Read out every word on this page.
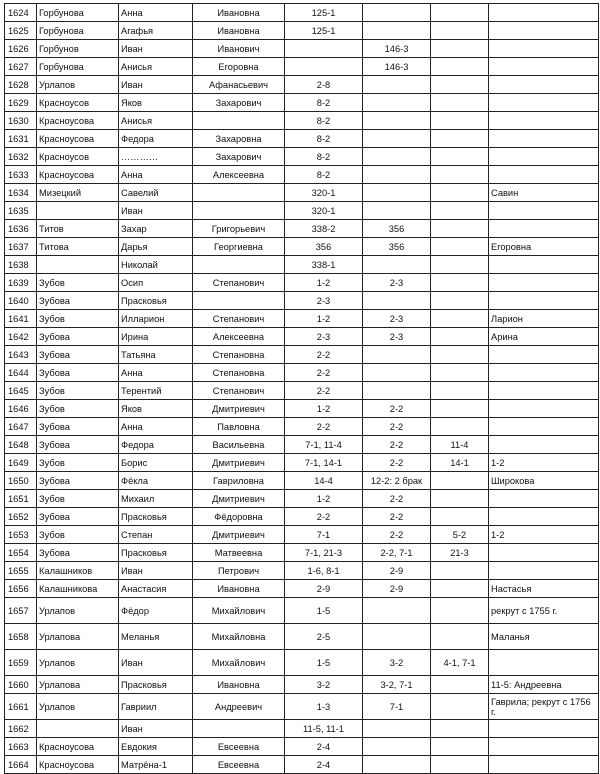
1624	Горбунова	Анна	Ивановна	125-1			
1625	Горбунова	Агафья	Ивановна	125-1			
1626	Горбунов	Иван	Иванович		146-3		
1627	Горбунова	Анисья	Егоровна		146-3		
1628	Урлапов	Иван	Афанасьевич	2-8			
1629	Красноусов	Яков	Захарович	8-2			
1630	Красноусова	Анисья		8-2			
1631	Красноусова	Федора	Захаровна	8-2			
1632	Красноусов	…………	Захарович	8-2			
1633	Красноусова	Анна	Алексеевна	8-2			
1634	Мизецкий	Савелий		320-1			Савин
1635		Иван		320-1			
1636	Титов	Захар	Григорьевич	338-2	356		
1637	Титова	Дарья	Георгиевна	356	356		Егоровна
1638		Николай		338-1			
1639	Зубов	Осип	Степанович	1-2	2-3		
1640	Зубова	Прасковья		2-3			
1641	Зубов	Илларион	Степанович	1-2	2-3		Ларион
1642	Зубова	Ирина	Алексеевна	2-3	2-3		Арина
1643	Зубова	Татьяна	Степановна	2-2			
1644	Зубова	Анна	Степановна	2-2			
1645	Зубов	Терентий	Степанович	2-2			
1646	Зубов	Яков	Дмитриевич	1-2	2-2		
1647	Зубова	Анна	Павловна	2-2	2-2		
1648	Зубова	Федора	Васильевна	7-1, 11-4	2-2	11-4	
1649	Зубов	Борис	Дмитриевич	7-1, 14-1	2-2	14-1	1-2
1650	Зубова	Фёкла	Гавриловна	14-4	12-2: 2 брак		Широкова
1651	Зубов	Михаил	Дмитриевич	1-2	2-2		
1652	Зубова	Прасковья	Фёдоровна	2-2	2-2		
1653	Зубов	Степан	Дмитриевич	7-1	2-2	5-2	1-2
1654	Зубова	Прасковья	Матвеевна	7-1, 21-3	2-2, 7-1	21-3	
1655	Калашников	Иван	Петрович	1-6, 8-1	2-9		
1656	Калашникова	Анастасия	Ивановна	2-9	2-9		Настасья
1657	Урлапов	Фёдор	Михайлович	1-5			рекрут с 1755 г.
1658	Урлапова	Меланья	Михайловна	2-5			Маланья
1659	Урлапов	Иван	Михайлович	1-5	3-2	4-1, 7-1	
1660	Урлапова	Прасковья	Ивановна	3-2	3-2, 7-1		11-5: Андреевна
1661	Урлапов	Гавриил	Андреевич	1-3	7-1		Гаврила; рекрут с 1756 г.
1662		Иван		11-5, 11-1			
1663	Красноусова	Евдокия	Евсеевна	2-4			
1664	Красноусова	Матрёна-1	Евсеевна	2-4			
